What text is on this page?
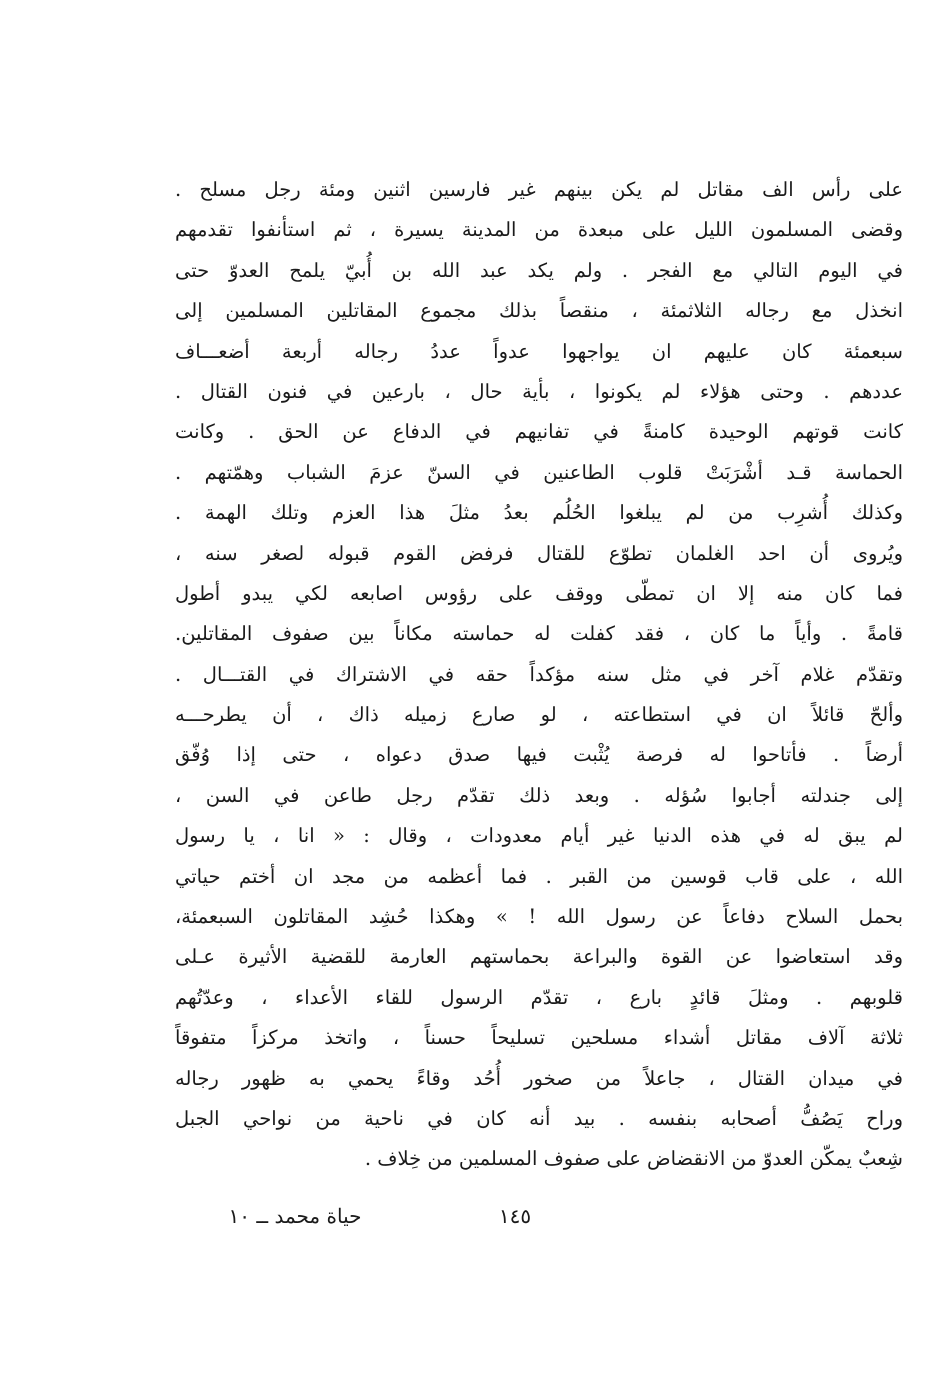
على رأس الف مقاتل لم يكن بينهم غير فارسين اثنين ومئة رجل مسلح .
وقضى المسلمون الليل على مبعدة من المدينة يسيرة ، ثم استأنفوا تقدمهم
في اليوم التالي مع الفجر . ولم يكد عبد الله بن أُبيّ يلمح العدوّ حتى
انخذل مع رجاله الثلاثمئة ، منقصاً بذلك مجموع المقاتلين المسلمين إلى
سبعمئة كان عليهم ان يواجهوا عدواً عددُ رجاله أربعة أضعـــاف
عددهم . وحتى هؤلاء لم يكونوا ، بأية حال ، بارعين في فنون القتال .
كانت قوتهم الوحيدة كامنةً في تفانيهم في الدفاع عن الحق . وكانت
الحماسة قـد أشْرَبَتْ قلوب الطاعنين في السنّ عزمَ الشباب وهمّتهم .
وكذلك أُشرِب من لم يبلغوا الحُلُم بعدُ مثلَ هذا العزم وتلك الهمة .
ويُروى أن احد الغلمان تطوّع للقتال فرفض القوم قبوله لصغر سنه ،
فما كان منه إلا ان تمطّى ووقف على رؤوس اصابعه لكي يبدو أطول
قامةً . وأياً ما كان ، فقد كفلت له حماسته مكاناً بين صفوف المقاتلين.
وتقدّم غلام آخر في مثل سنه مؤكداً حقه في الاشتراك في القتـــال .
وألحّ قائلاً ان في استطاعته ، لو صارع زميله ذاك ، أن يطرحـــه
أرضاً . فأتاحوا له فرصة يُثْبت فيها صدق دعواه ، حتى إذا وُفّق
إلى جندلته أجابوا سُؤله . وبعد ذلك تقدّم رجل طاعن في السن ،
لم يبق له في هذه الدنيا غير أيام معدودات ، وقال : « انا ، يا رسول
الله ، على قاب قوسين من القبر . فما أعظمه من مجد ان أختم حياتي
بحمل السلاح دفاعاً عن رسول الله ! » وهكذا حُشِد المقاتلون السبعمئة،
وقد استعاضوا عن القوة والبراعة بحماستهم العارمة للقضية الأثيرة عـلى
قلوبهم . ومثلَ قائدٍ بارع ، تقدّم الرسول للقاء الأعداء ، وعدّتُهم
ثلاثة آلاف مقاتل أشداء مسلحين تسليحاً حسناً ، واتخذ مركزاً متفوقاً
في ميدان القتال ، جاعلاً من صخور أُحُد وقاءً يحمي به ظهور رجاله
وراح يَصُفُّ أصحابه بنفسه . بيد أنه كان في ناحية من نواحي الجبل
شِعبٌ يمكّن العدوّ من الانقضاض على صفوف المسلمين من خِلاف .
١٤٥
حياة محمد ــ ١٠
